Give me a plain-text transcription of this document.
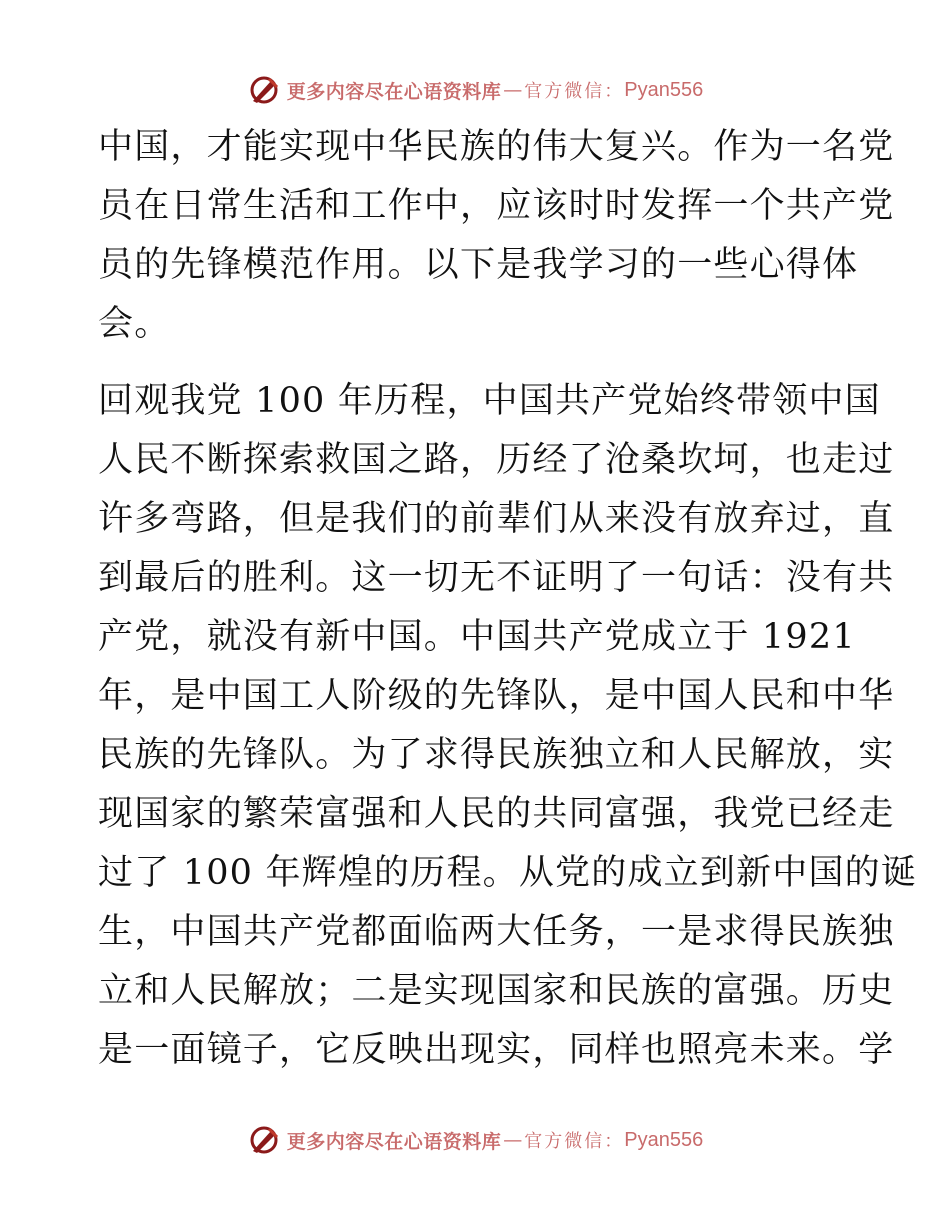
更多内容尽在心语资料库 — 官方微信： Pyan556
中国，才能实现中华民族的伟大复兴。作为一名党
员在日常生活和工作中，应该时时发挥一个共产党
员的先锋模范作用。以下是我学习的一些心得体
会。
回观我党 100 年历程，中国共产党始终带领中国
人民不断探索救国之路，历经了沧桑坎坷，也走过
许多弯路，但是我们的前辈们从来没有放弃过，直
到最后的胜利。这一切无不证明了一句话：没有共
产党，就没有新中国。中国共产党成立于 1921
年，是中国工人阶级的先锋队，是中国人民和中华
民族的先锋队。为了求得民族独立和人民解放，实
现国家的繁荣富强和人民的共同富强，我党已经走
过了 100 年辉煌的历程。从党的成立到新中国的诞
生，中国共产党都面临两大任务，一是求得民族独
立和人民解放；二是实现国家和民族的富强。历史
是一面镜子，它反映出现实，同样也照亮未来。学
更多内容尽在心语资料库 — 官方微信： Pyan556
